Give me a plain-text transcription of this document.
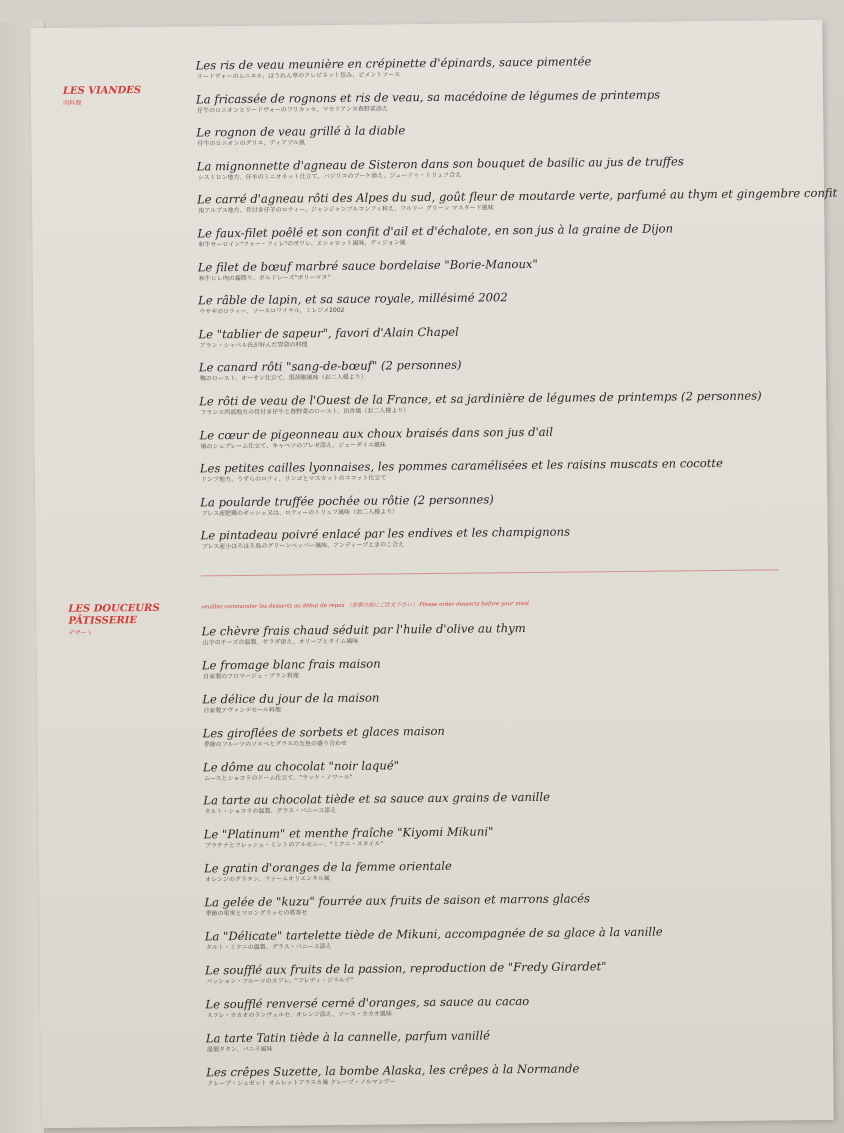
LES VIANDES
肉料理
Les ris de veau meunière en crépinette d'épinards, sauce pimentée
リードヴォーのムニエル、ほうれん草のクレピネット包み、ピメントソース
La fricassée de rognons et ris de veau, sa macédoine de légumes de printemps
仔牛のロニオンとリードヴォーのフリカッセ、マセドアンヌ春野菜添え
Le rognon de veau grillé à la diable
仔牛のロニオンのグリエ、ディアブル風
La mignonnette d'agneau de Sisteron dans son bouquet de basilic au jus de truffes
シストロン地方、仔羊のミニオネット仕立て、バジリコのブーケ添え、ジュードゥ・トリュフ合え
Le carré d'agneau rôti des Alpes du sud, goût fleur de moutarde verte, parfumé au thym et gingembre confit
南アルプス地方、骨付き仔羊のロティー、ジャンジャンブルコンフィ和え、フルリー グリーン マスタード風味
Le faux-filet poêlé et son confit d'ail et d'échalote, en son jus à la graine de Dijon
和牛サーロイン"フォー・フィレ"のポワレ、エシャロット風味、ディジョン風
Le filet de bœuf marbré sauce bordelaise "Borie-Manoux"
和牛ヒレ肉の霜降り、ボルドレーズ"ボリーマヌ"
Le râble de lapin, et sa sauce royale, millésimé 2002
ウサギのロティー、ソースロワイヤル、ミレジメ2002
Le "tablier de sapeur", favori d'Alain Chapel
アラン・シャペル氏が好んだ胃袋の料理
Le canard rôti "sang-de-bœuf" (2 personnes)
鴨のロースト、オーサン仕立て、黒胡椒風味（お二人様より）
Le rôti de veau de l'Ouest de la France, et sa jardinière de légumes de printemps (2 personnes)
フランス西部地方の骨付き仔牛と春野菜のロースト、田舎風（お二人様より）
Le cœur de pigeonneau aux choux braisés dans son jus d'ail
鳩のシュプレーム仕立て、キャベツのブレゼ添え、ジューダイユ風味
Les petites cailles lyonnaises, les pommes caramélisées et les raisins muscats en cocotte
ドンブ地方、うずらのロティ、リンゴとマスカットのココット仕立て
La poularde truffée pochée ou rôtie (2 personnes)
ブレス産肥鶏のポッシェ又は、ロティーのトリュフ風味（お二人様より）
Le pintadeau poivré enlacé par les endives et les champignons
ブレス産小ほろほろ鳥のグリーンペッパー風味、アンディーブときのこ合え
LES DOUCEURS
PÂTISSERIE
デザート
veuillez commander les desserts au début de repas （食事の前にご注文下さい） Please order desserts before your meal
Le chèvre frais chaud séduit par l'huile d'olive au thym
山羊のチーズの温製、サラダ添え、オリーブとタイム風味
Le fromage blanc frais maison
自家製のフロマージュ・ブラン料理
Le délice du jour de la maison
自家製アヴァンデセール料理
Les giroflées de sorbets et glaces maison
季節のフルーツのソルベとグラスの五色の盛り合わせ
Le dôme au chocolat "noir laqué"
ムースとショコラのドーム仕立て、"ラッケ・ノワール"
La tarte au chocolat tiède et sa sauce aux grains de vanille
タルト・ショコラの温製、グラス・バニーユ添え
Le "Platinum" et menthe fraîche "Kiyomi Mikuni"
プラチナとフレッシュ・ミントのアルモニー、"ミクニ・スタイル"
Le gratin d'oranges de la femme orientale
オレンジのグラタン、ファームオリエンタル風
La gelée de "kuzu" fourrée aux fruits de saison et marrons glacés
季節の果実とマロングラッセの葛寄せ
La "Délicate" tartelette tiède de Mikuni, accompagnée de sa glace à la vanille
タルト・ミクニの温製、グラス・バニーユ添え
Le soufflé aux fruits de la passion, reproduction de "Fredy Girardet"
パッション・フルーツのスフレ、"フレディ・ジラルデ"
Le soufflé renversé cerné d'oranges, sa sauce au cacao
スフレ・カカオのランヴェルセ、オレンジ添え、ソース・カカオ風味
La tarte Tatin tiède à la cannelle, parfum vanillé
温製タタン、バニラ風味
Les crêpes Suzette, la bombe Alaska, les crêpes à la Normande
クレープ・シュゼット オムレットアラスカ風 クレープ・ノルマンデー
